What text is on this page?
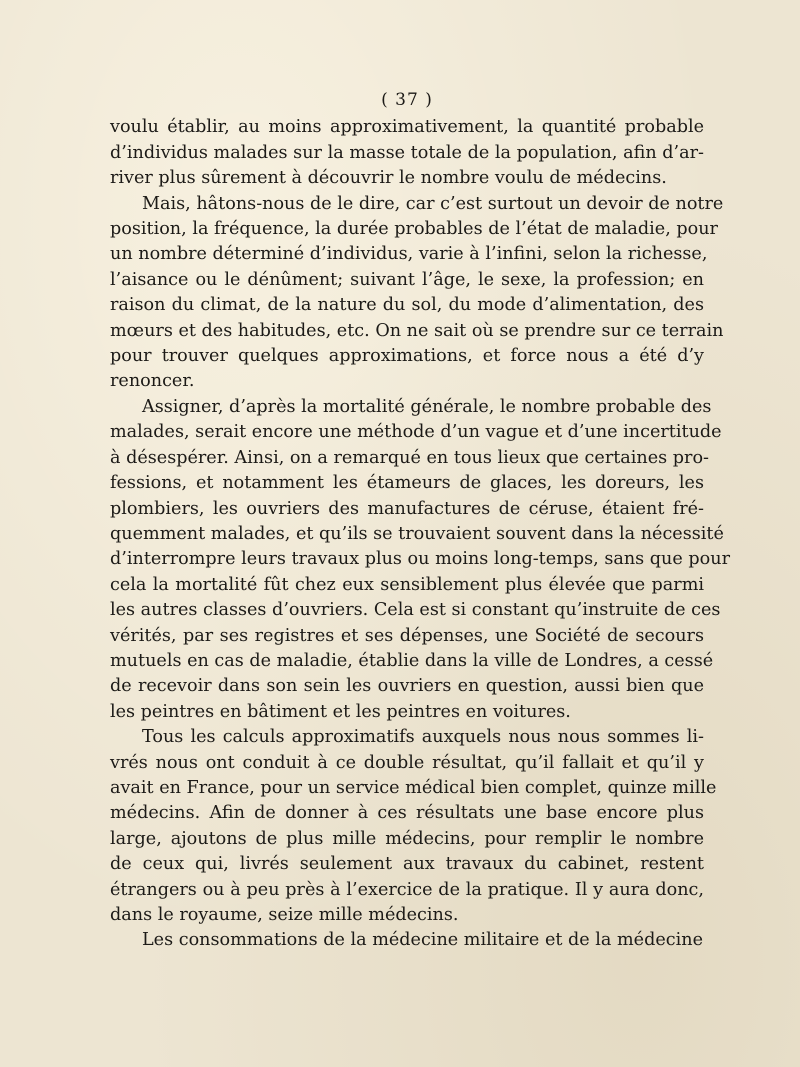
( 37 )
voulu établir, au moins approximativement, la quantité probable
d’individus malades sur la masse totale de la population, afin d’ar-
river plus sûrement à découvrir le nombre voulu de médecins.
Mais, hâtons-nous de le dire, car c’est surtout un devoir de notre
position, la fréquence, la durée probables de l’état de maladie, pour
un nombre déterminé d’individus, varie à l’infini, selon la richesse,
l’aisance ou le dénûment; suivant l’âge, le sexe, la profession; en
raison du climat, de la nature du sol, du mode d’alimentation, des
mœurs et des habitudes, etc. On ne sait où se prendre sur ce terrain
pour trouver quelques approximations, et force nous a été d’y
renoncer.
Assigner, d’après la mortalité générale, le nombre probable des
malades, serait encore une méthode d’un vague et d’une incertitude
à désespérer. Ainsi, on a remarqué en tous lieux que certaines pro-
fessions, et notamment les étameurs de glaces, les doreurs, les
plombiers, les ouvriers des manufactures de céruse, étaient fré-
quemment malades, et qu’ils se trouvaient souvent dans la nécessité
d’interrompre leurs travaux plus ou moins long-temps, sans que pour
cela la mortalité fût chez eux sensiblement plus élevée que parmi
les autres classes d’ouvriers. Cela est si constant qu’instruite de ces
vérités, par ses registres et ses dépenses, une Société de secours
mutuels en cas de maladie, établie dans la ville de Londres, a cessé
de recevoir dans son sein les ouvriers en question, aussi bien que
les peintres en bâtiment et les peintres en voitures.
Tous les calculs approximatifs auxquels nous nous sommes li-
vrés nous ont conduit à ce double résultat, qu’il fallait et qu’il y
avait en France, pour un service médical bien complet, quinze mille
médecins. Afin de donner à ces résultats une base encore plus
large, ajoutons de plus mille médecins, pour remplir le nombre
de ceux qui, livrés seulement aux travaux du cabinet, restent
étrangers ou à peu près à l’exercice de la pratique. Il y aura donc,
dans le royaume, seize mille médecins.
Les consommations de la médecine militaire et de la médecine
